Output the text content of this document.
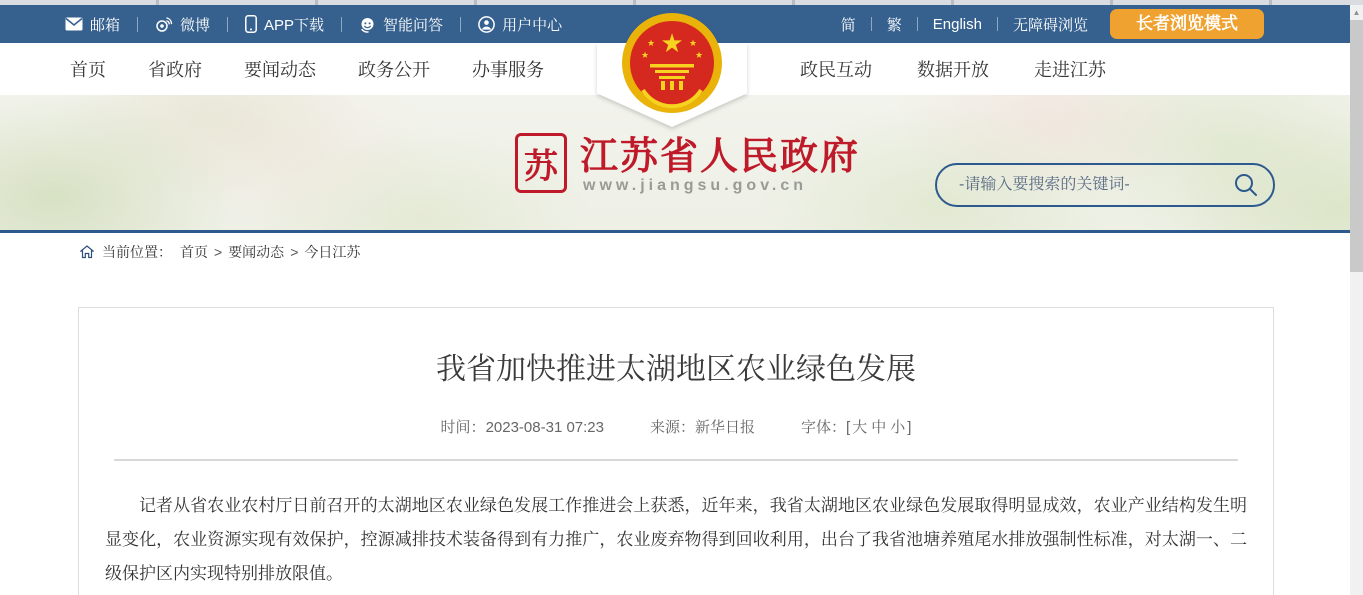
邮箱	微博	APP下载	智能问答	用户中心	简 繁 English 无障碍浏览	长者浏览模式
首页 省政府 要闻动态 政务公开 办事服务	政民互动	数据开放	走进江苏
★
★	★
★	★
苏 江苏省人民政府
www.jiangsu.gov.cn
-请输入要搜索的关键词-
当前位置： 首页 > 要闻动态 > 今日江苏
我省加快推进太湖地区农业绿色发展
时间：2023-08-31 07:23	来源：新华日报	字体：[ 大 中 小 ]

记者从省农业农村厅日前召开的太湖地区农业绿色发展工作推进会上获悉，近年来，我省太湖地区农业绿色发展取得明显成效，农业产业结构发生明显变化，农业资源实现有效保护，控源减排技术装备得到有力推广，农业废弃物得到回收利用，出台了我省池塘养殖尾水排放强制性标准，对太湖一、二级保护区内实现特别排放限值。

▲
